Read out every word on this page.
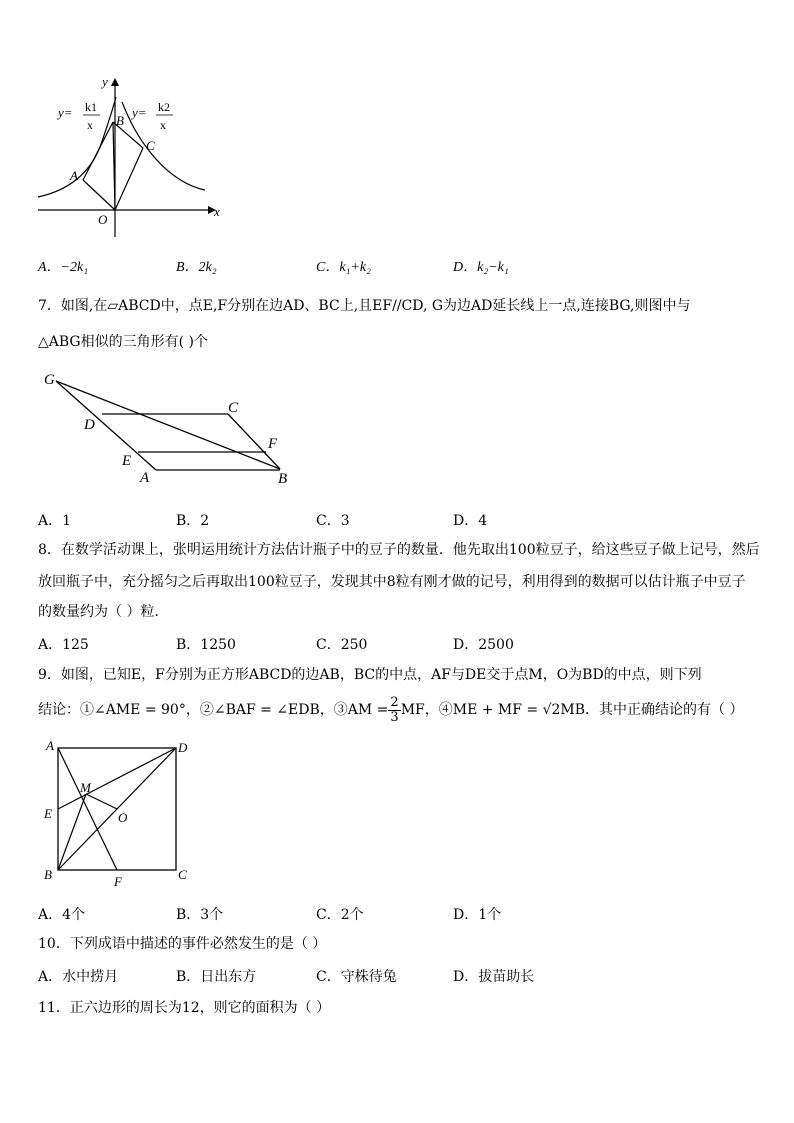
y= k1
x
y= k2
x
y
x
A
B
C
O
A．−2k₁	B．2k₂	C．k₁+k₂	D．k₂−k₁
7．如图,在▱ABCD中，点E,F分别在边AD、BC上,且EF//CD, G为边AD延长线上一点,连接BG,则图中与
△ABG相似的三角形有( )个
G
C
D
F
E
A	B
A．1	B．2	C．3	D．4
8．在数学活动课上，张明运用统计方法估计瓶子中的豆子的数量．他先取出100粒豆子，给这些豆子做上记号，然后
放回瓶子中，充分摇匀之后再取出100粒豆子，发现其中8粒有刚才做的记号，利用得到的数据可以估计瓶子中豆子
的数量约为（ ）粒．
A．125	B．1250	C．250	D．2500
9．如图，已知E，F分别为正方形ABCD的边AB，BC的中点，AF与DE交于点M，O为BD的中点，则下列
结论：①∠AME = 90°，②∠BAF = ∠EDB，③AM = $\frac{2}{3}$ MF，④ME + MF = √2MB．其中正确结论的有（ ）
A	D
M
E	O
B	F	C
A．4个	B．3个	C．2个	D．1个
10．下列成语中描述的事件必然发生的是（ ）
A．水中捞月	B．日出东方	C．守株待兔	D．拔苗助长
11．正六边形的周长为12，则它的面积为（ ）
